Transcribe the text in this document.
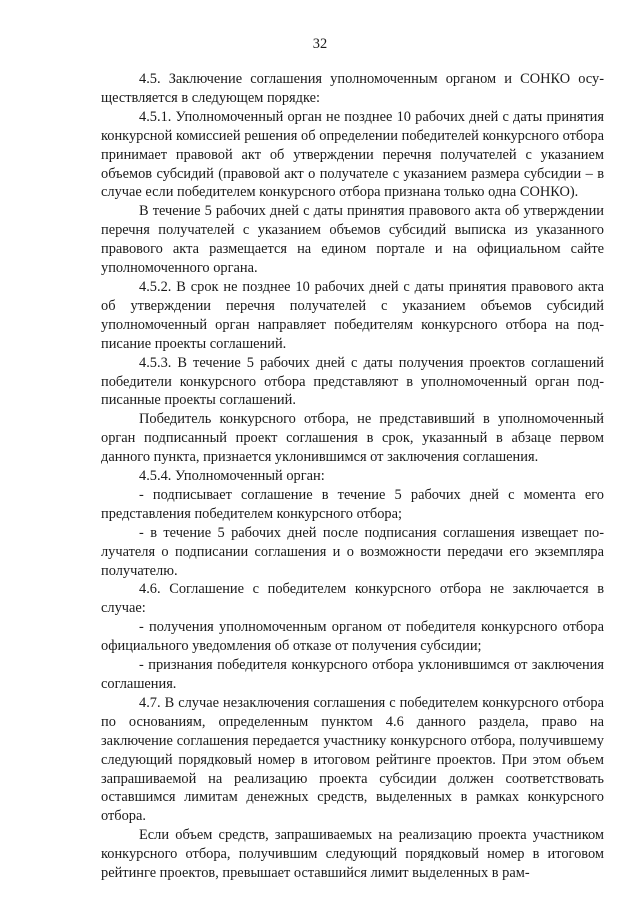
32

4.5. Заключение соглашения уполномоченным органом и СОНКО осуществляется в следующем порядке:

4.5.1. Уполномоченный орган не позднее 10 рабочих дней с даты принятия конкурсной комиссией решения об определении победителей конкурсного отбора принимает правовой акт об утверждении перечня получателей с указанием объемов субсидий (правовой акт о получателе с указанием размера субсидии – в случае если победителем конкурсного отбора признана только одна СОНКО).

В течение 5 рабочих дней с даты принятия правового акта об утверждении перечня получателей с указанием объемов субсидий выписка из указанного правового акта размещается на едином портале и на официальном сайте уполномоченного органа.

4.5.2. В срок не позднее 10 рабочих дней с даты принятия правового акта об утверждении перечня получателей с указанием объемов субсидий уполномоченный орган направляет победителям конкурсного отбора на подписание проекты соглашений.

4.5.3. В течение 5 рабочих дней с даты получения проектов соглашений победители конкурсного отбора представляют в уполномоченный орган подписанные проекты соглашений.

Победитель конкурсного отбора, не представивший в уполномоченный орган подписанный проект соглашения в срок, указанный в абзаце первом данного пункта, признается уклонившимся от заключения соглашения.

4.5.4. Уполномоченный орган:

- подписывает соглашение в течение 5 рабочих дней с момента его представления победителем конкурсного отбора;

- в течение 5 рабочих дней после подписания соглашения извещает получателя о подписании соглашения и о возможности передачи его экземпляра получателю.

4.6. Соглашение с победителем конкурсного отбора не заключается в случае:

- получения уполномоченным органом от победителя конкурсного отбора официального уведомления об отказе от получения субсидии;

- признания победителя конкурсного отбора уклонившимся от заключения соглашения.

4.7. В случае незаключения соглашения с победителем конкурсного отбора по основаниям, определенным пунктом 4.6 данного раздела, право на заключение соглашения передается участнику конкурсного отбора, получившему следующий порядковый номер в итоговом рейтинге проектов. При этом объем запрашиваемой на реализацию проекта субсидии должен соответствовать оставшимся лимитам денежных средств, выделенных в рамках конкурсного отбора.

Если объем средств, запрашиваемых на реализацию проекта участником конкурсного отбора, получившим следующий порядковый номер в итоговом рейтинге проектов, превышает оставшийся лимит выделенных в рам-
